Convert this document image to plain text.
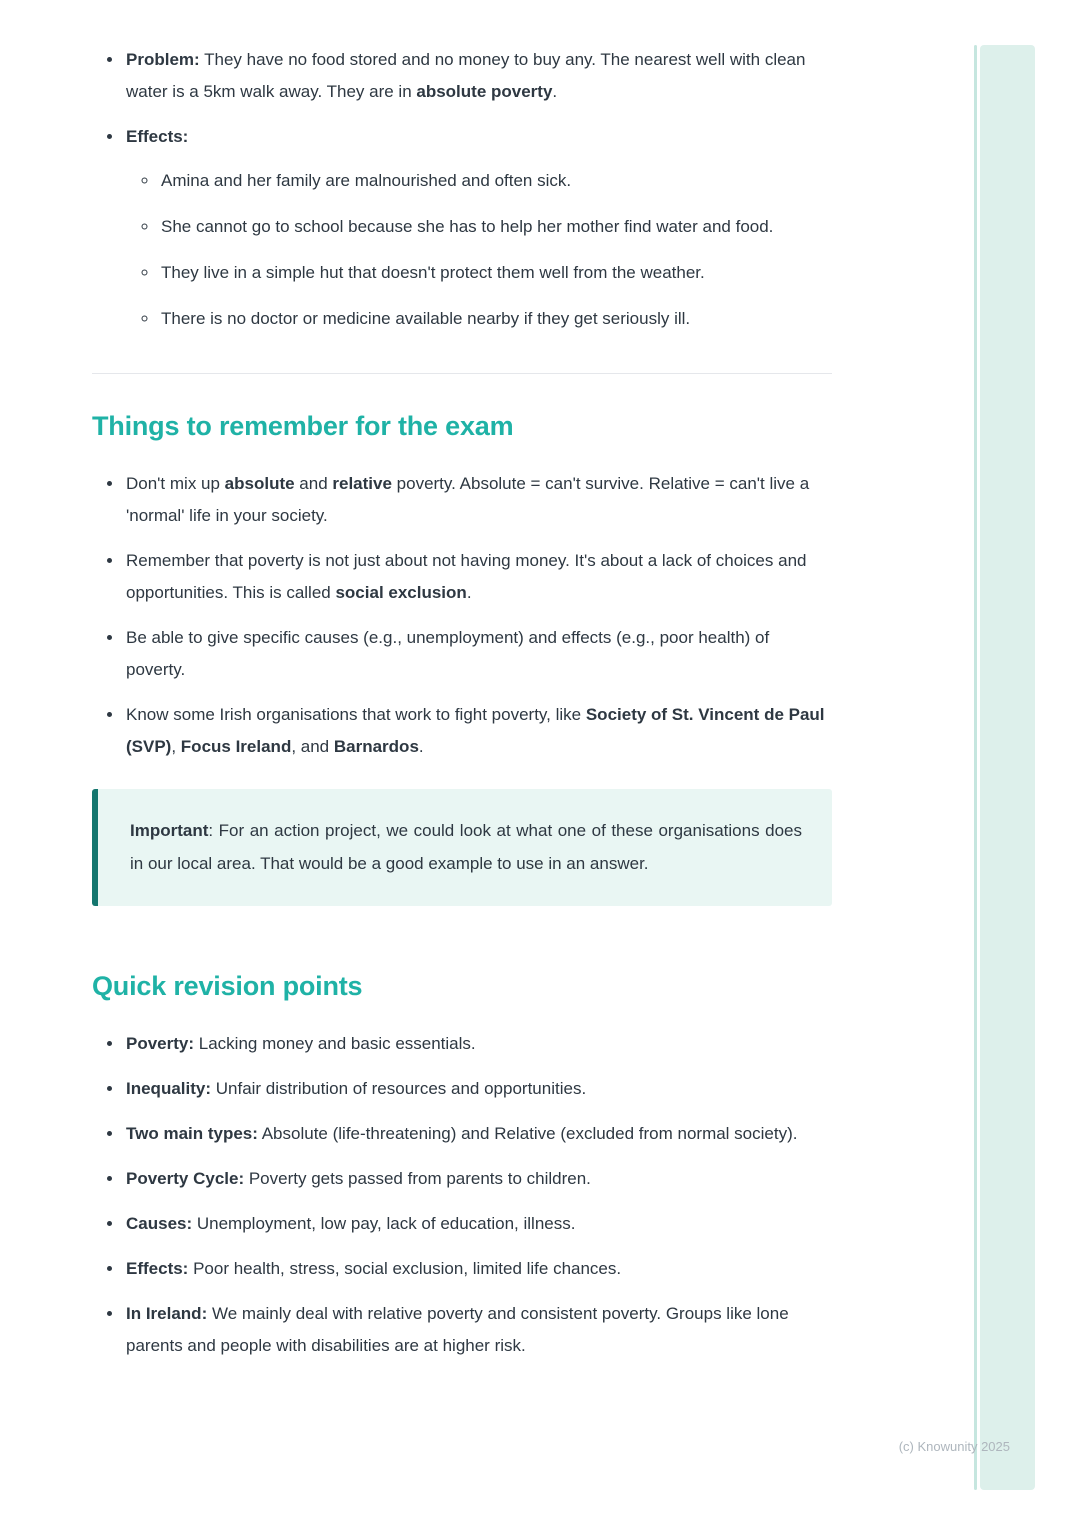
• Problem: They have no food stored and no money to buy any. The nearest well with clean water is a 5km walk away. They are in absolute poverty.
• Effects:
◦ Amina and her family are malnourished and often sick.
◦ She cannot go to school because she has to help her mother find water and food.
◦ They live in a simple hut that doesn't protect them well from the weather.
◦ There is no doctor or medicine available nearby if they get seriously ill.
Things to remember for the exam
• Don't mix up absolute and relative poverty. Absolute = can't survive. Relative = can't live a 'normal' life in your society.
• Remember that poverty is not just about not having money. It's about a lack of choices and opportunities. This is called social exclusion.
• Be able to give specific causes (e.g., unemployment) and effects (e.g., poor health) of poverty.
• Know some Irish organisations that work to fight poverty, like Society of St. Vincent de Paul (SVP), Focus Ireland, and Barnardos.

Important: For an action project, we could look at what one of these organisations does in our local area. That would be a good example to use in an answer.

Quick revision points
• Poverty: Lacking money and basic essentials.
• Inequality: Unfair distribution of resources and opportunities.
• Two main types: Absolute (life-threatening) and Relative (excluded from normal society).
• Poverty Cycle: Poverty gets passed from parents to children.
• Causes: Unemployment, low pay, lack of education, illness.
• Effects: Poor health, stress, social exclusion, limited life chances.
• In Ireland: We mainly deal with relative poverty and consistent poverty. Groups like lone parents and people with disabilities are at higher risk.
(c) Knowunity 2025
